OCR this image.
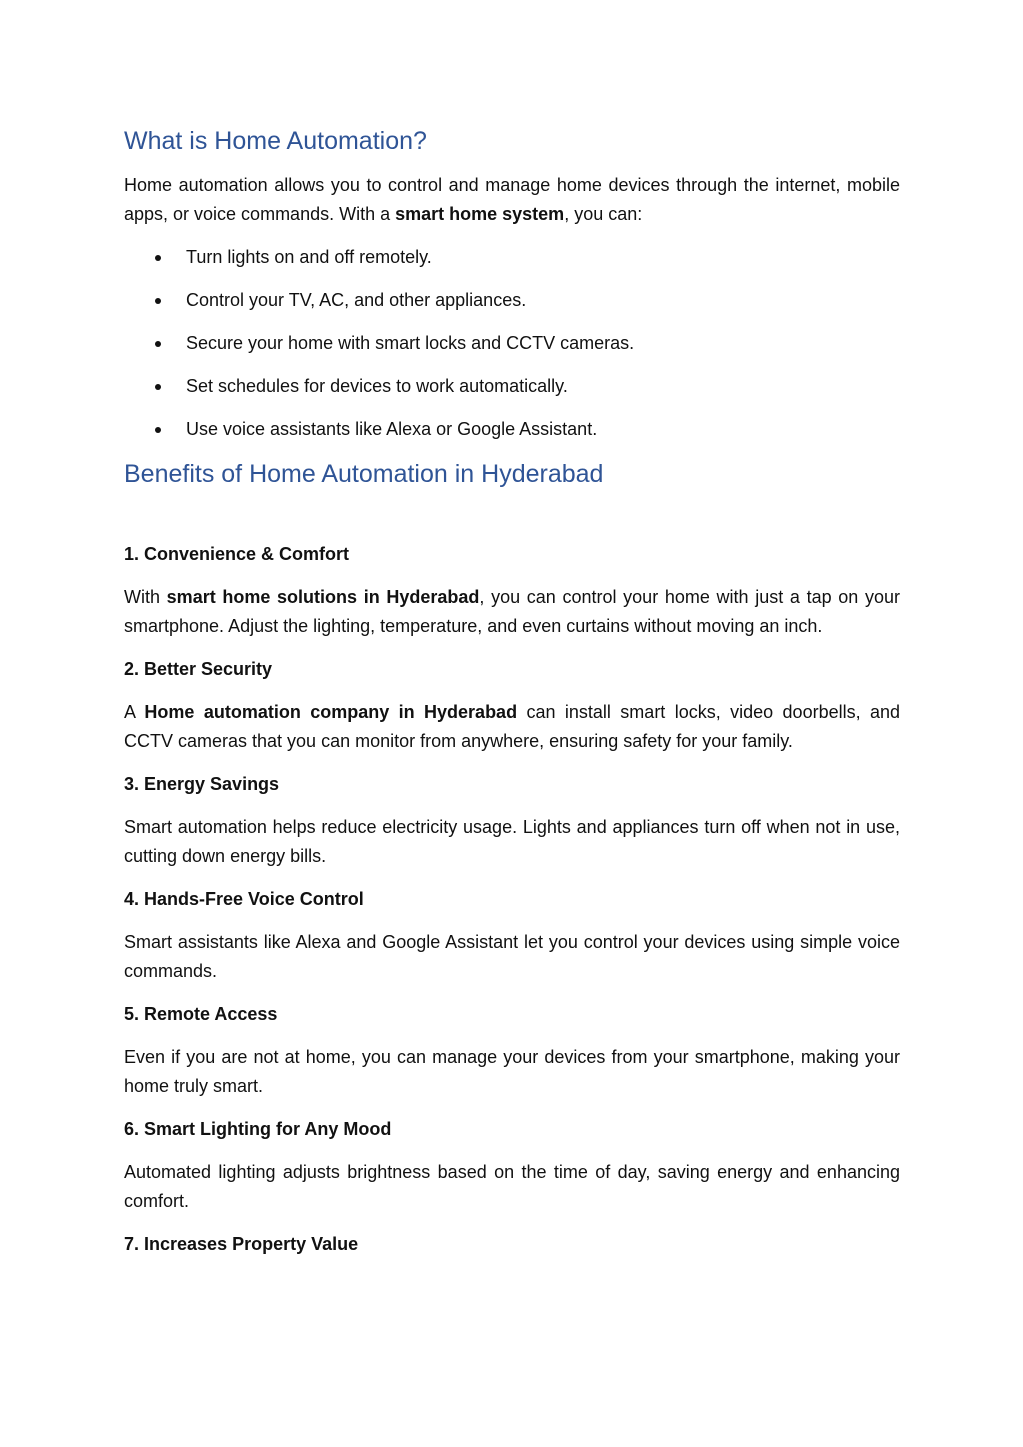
What is Home Automation?

Home automation allows you to control and manage home devices through the internet, mobile apps, or voice commands. With a smart home system, you can:

Turn lights on and off remotely.
Control your TV, AC, and other appliances.
Secure your home with smart locks and CCTV cameras.
Set schedules for devices to work automatically.
Use voice assistants like Alexa or Google Assistant.
Benefits of Home Automation in Hyderabad
1. Convenience & Comfort

With smart home solutions in Hyderabad, you can control your home with just a tap on your smartphone. Adjust the lighting, temperature, and even curtains without moving an inch.

2. Better Security

A Home automation company in Hyderabad can install smart locks, video doorbells, and CCTV cameras that you can monitor from anywhere, ensuring safety for your family.

3. Energy Savings

Smart automation helps reduce electricity usage. Lights and appliances turn off when not in use, cutting down energy bills.

4. Hands-Free Voice Control

Smart assistants like Alexa and Google Assistant let you control your devices using simple voice commands.

5. Remote Access

Even if you are not at home, you can manage your devices from your smartphone, making your home truly smart.

6. Smart Lighting for Any Mood

Automated lighting adjusts brightness based on the time of day, saving energy and enhancing comfort.

7. Increases Property Value
